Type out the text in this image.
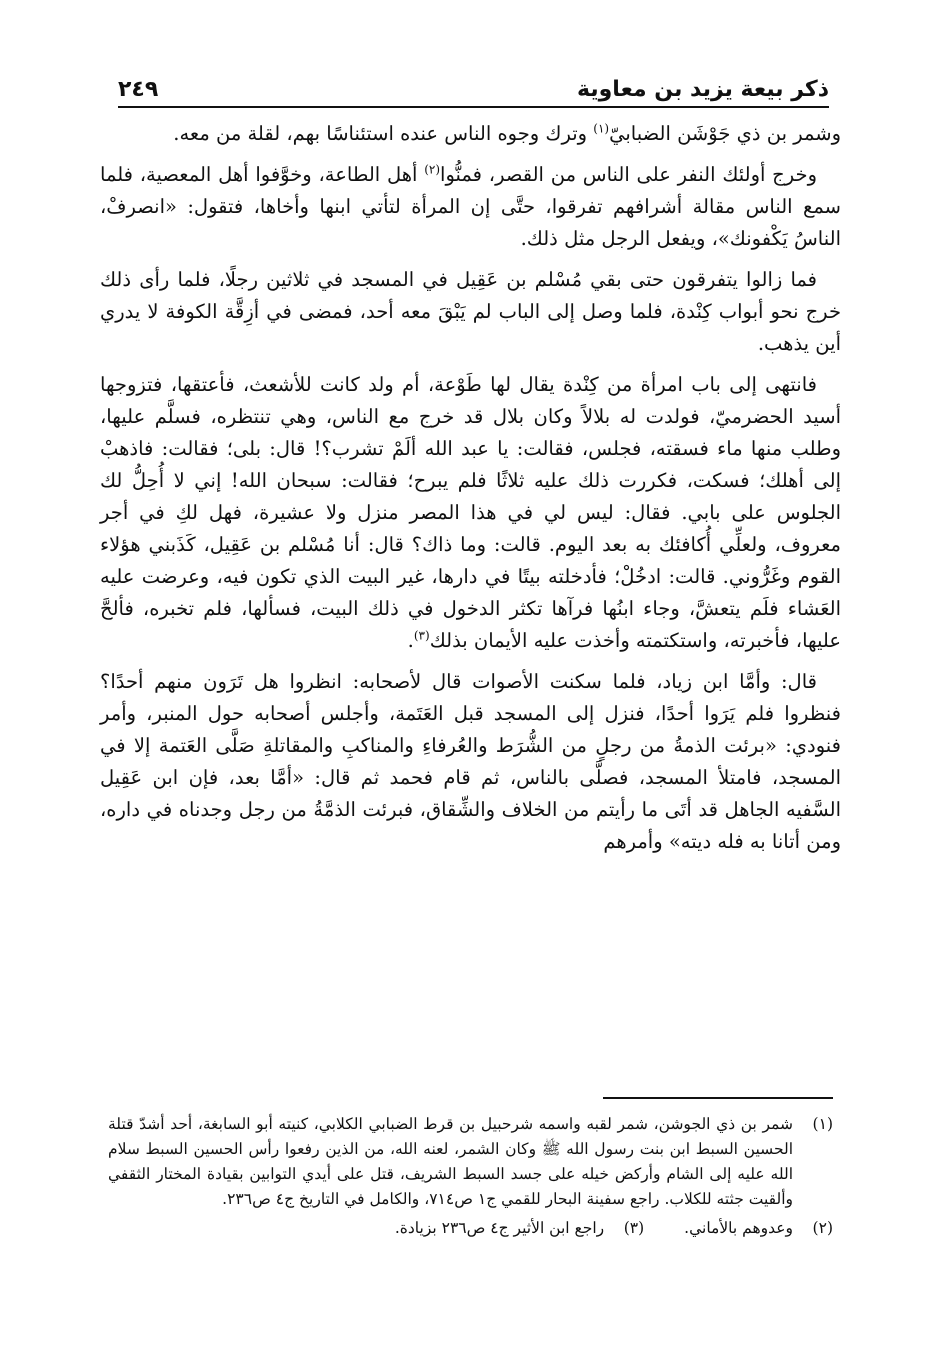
ذكر بيعة يزيد بن معاوية
٢٤٩

وشمر بن ذي جَوْشَن الضبابيّ$^{(١)}$ وترك وجوه الناس عنده استئناسًا بهم، لقلة من معه.

وخرج أولئك النفر على الناس من القصر، فمنُّوا$^{(٢)}$ أهل الطاعة، وخوَّفوا أهل المعصية، فلما سمع الناس مقالة أشرافهم تفرقوا، حتَّى إن المرأة لتأتي ابنها وأخاها، فتقول: «انصرفْ، الناسُ يَكْفونك»، ويفعل الرجل مثل ذلك.

فما زالوا يتفرقون حتى بقي مُسْلم بن عَقِيل في المسجد في ثلاثين رجلًا، فلما رأى ذلك خرج نحو أبواب كِنْدة، فلما وصل إلى الباب لم يَبْقَ معه أحد، فمضى في أزِقَّة الكوفة لا يدري أين يذهب.

فانتهى إلى باب امرأة من كِنْدة يقال لها طَوْعة، أم ولد كانت للأشعث، فأعتقها، فتزوجها أسيد الحضرميّ، فولدت له بلالاً وكان بلال قد خرج مع الناس، وهي تنتظره، فسلَّم عليها، وطلب منها ماء فسقته، فجلس، فقالت: يا عبد الله ألَمْ تشرب؟! قال: بلى؛ فقالت: فاذهبْ إلى أهلك؛ فسكت، فكررت ذلك عليه ثلاثًا فلم يبرح؛ فقالت: سبحان الله! إني لا أُحِلُّ لك الجلوس على بابي. فقال: ليس لي في هذا المصر منزل ولا عشيرة، فهل لكِ في أجر معروف، ولعلِّي أُكافئك به بعد اليوم. قالت: وما ذاك؟ قال: أنا مُسْلم بن عَقِيل، كَذَبني هؤلاء القوم وغَرُّوني. قالت: ادخُلْ؛ فأدخلته بيتًا في دارها، غير البيت الذي تكون فيه، وعرضت عليه العَشاء فلَم يتعشَّ، وجاء ابنُها فرآها تكثر الدخول في ذلك البيت، فسألها، فلم تخبره، فألحَّ عليها، فأخبرته، واستكتمته وأخذت عليه الأيمان بذلك$^{(٣)}$.

قال: وأمَّا ابن زياد، فلما سكنت الأصوات قال لأصحابه: انظروا هل تَرَون منهم أحدًا؟ فنظروا فلم يَرَوا أحدًا، فنزل إلى المسجد قبل العَتَمة، وأجلس أصحابه حول المنبر، وأمر فنودي: «برئت الذمةُ من رجلٍ من الشُّرَط والعُرفاءِ والمناكبِ والمقاتلةِ صَلَّى العَتمة إلا في المسجد، فامتلأ المسجد، فصلَّى بالناس، ثم قام فحمد ثم قال: «أمَّا بعد، فإن ابن عَقِيل السَّفيه الجاهل قد أتَى ما رأيتم من الخلاف والشِّقاق، فبرئت الذمَّةُ من رجل وجدناه في داره، ومن أتانا به فله ديته» وأمرهم

(١)
شمر بن ذي الجوشن، شمر لقبه واسمه شرحبيل بن قرط الضبابي الكلابي، كنيته أبو السابغة، أحد أشدّ قتلة الحسين السبط ابن بنت رسول الله ﷺ وكان الشمر، لعنه الله، من الذين رفعوا رأس الحسين السبط سلام الله عليه إلى الشام وأركض خيله على جسد السبط الشريف، قتل على أيدي التوابين بقيادة المختار الثقفي وألقيت جثته للكلاب. راجع سفينة البحار للقمي ج١ ص٧١٤، والكامل في التاريخ ج٤ ص٢٣٦.
(٢)
وعدوهم بالأماني.
(٣)
راجع ابن الأثير ج٤ ص٢٣٦ بزيادة.
